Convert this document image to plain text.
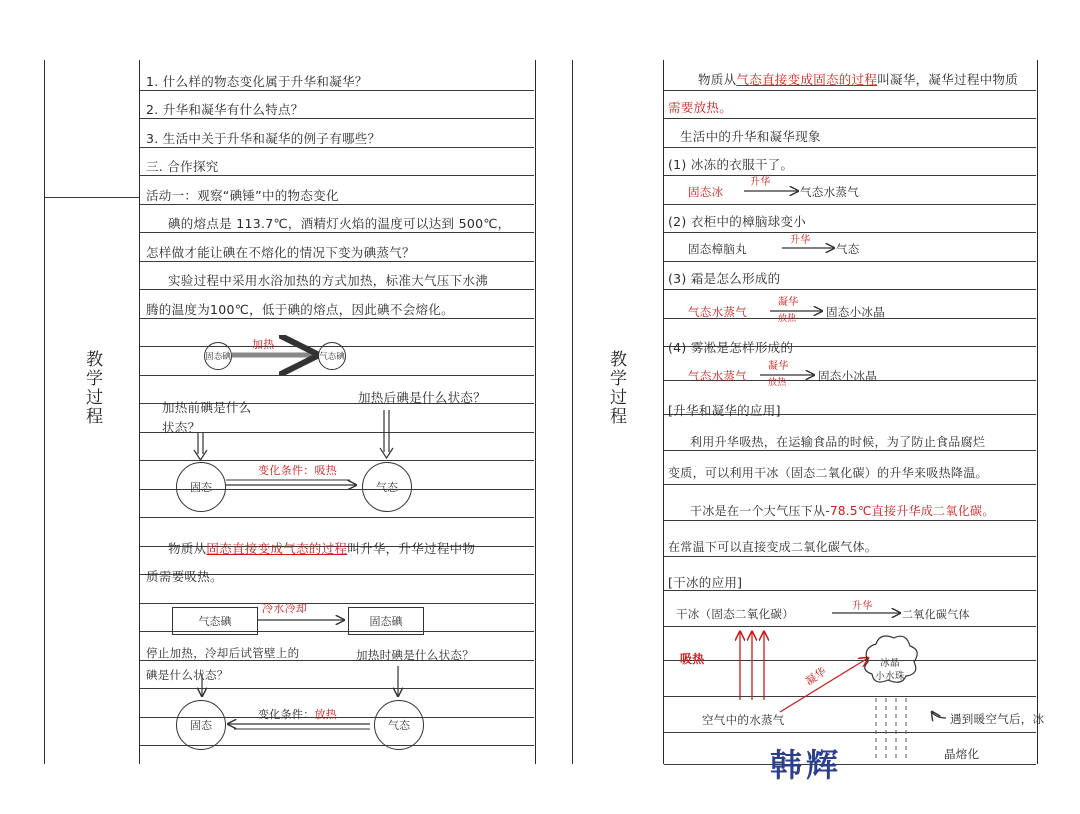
教学过程	教学过程
1. 什么样的物态变化属于升华和凝华？
2. 升华和凝华有什么特点？
3. 生活中关于升华和凝华的例子有哪些？
三. 合作探究
活动一：观察“碘锤”中的物态变化
碘的熔点是 113.7℃，酒精灯火焰的温度可以达到 500℃，
怎样做才能让碘在不熔化的情况下变为碘蒸气？
实验过程中采用水浴加热的方式加热，标准大气压下水沸
腾的温度为100℃，低于碘的熔点，因此碘不会熔化。
固态碘	气态碘
加热
加热前碘是什么
状态？
加热后碘是什么状态？
固态	气态
变化条件：吸热
物质从固态直接变成气态的过程叫升华，升华过程中物
质需要吸热。
气态碘	固态碘
冷水冷却
停止加热，冷却后试管壁上的
碘是什么状态？
加热时碘是什么状态？
固态	气态
变化条件：放热
物质从气态直接变成固态的过程叫凝华，凝华过程中物质
需要放热。
生活中的升华和凝华现象
(1) 冰冻的衣服干了。
固态冰
升华
气态水蒸气
(2) 衣柜中的樟脑球变小
固态樟脑丸
升华
气态
(3) 霜是怎么形成的
气态水蒸气
凝华
放热	固态小冰晶
(4) 雾凇是怎样形成的
气态水蒸气
凝华
放热	固态小冰晶
[升华和凝华的应用]
利用升华吸热，在运输食品的时候，为了防止食品腐烂
变质，可以利用干冰（固态二氧化碳）的升华来吸热降温。
干冰是在一个大气压下从-78.5℃直接升华成二氧化碳。
在常温下可以直接变成二氧化碳气体。
[干冰的应用]
干冰（固态二氧化碳）
升华
二氧化碳气体
吸热
凝华
空气中的水蒸气
冰晶 小水珠
遇到暖空气后，冰
晶熔化
韩辉
